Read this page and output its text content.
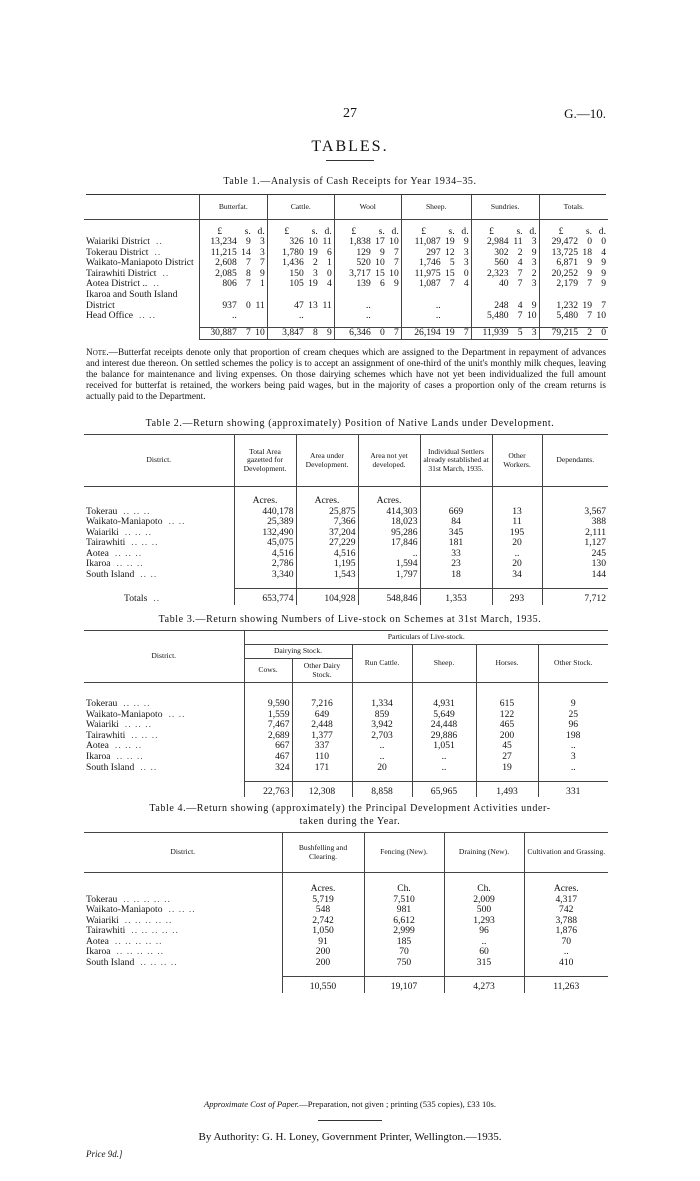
27	G.—10.
TABLES.
Table 1.—Analysis of Cash Receipts for Year 1934–35.
	Butterfat.	Cattle.	Wool	Sheep.	Sundries.	Totals.

	£ s. d.	£ s. d.	£ s. d.	£ s. d.	£ s. d.	£ s. d.

Waiariki District ..	13,234 9 3	326 10 11	1,838 17 10	11,087 19 9	2,984 11 3	29,472 0 0

Tokerau District ..	11,215 14 3	1,780 19 6	129 9 7	297 12 3	302 2 9	13,725 18 4

Waikato-Maniapoto District	2,608 7 7	1,436 2 1	520 10 7	1,746 5 3	560 4 3	6,871 9 9

Tairawhiti District ..	2,085 8 9	150 3 0	3,717 15 10	11,975 15 0	2,323 7 2	20,252 9 9

Aotea District .. ..	806 7 1	105 19 4	139 6 9	1,087 7 4	40 7 3	2,179 7 9

Ikaroa and South Island District	937 0 11	47 13 11	..	..	248 4 9	1,232 19 7

Head Office .. ..	..	..	..	..	5,480 7 10	5,480 7 10

	30,887 7 10	3,847 8 9	6,346 0 7	26,194 19 7	11,939 5 3	79,215 2 0
Note.—Butterfat receipts denote only that proportion of cream cheques which are assigned to the Department in repayment of advances and interest due thereon. On settled schemes the policy is to accept an assignment of one-third of the unit's monthly milk cheques, leaving the balance for maintenance and living expenses. On those dairying schemes which have not yet been individualized the full amount received for butterfat is retained, the workers being paid wages, but in the majority of cases a proportion only of the cream returns is actually paid to the Department.
Table 2.—Return showing (approximately) Position of Native Lands under Development.
District.	Total Area gazetted for Development.	Area under Development.	Area not yet developed.	Individual Settlers already established at 31st March, 1935.	Other Workers.	Dependants.
	Acres.	Acres.	Acres.			
Tokerau .. .. ..	440,178	25,875	414,303	669	13	3,567
Waikato-Maniapoto .. ..	25,389	7,366	18,023	84	11	388
Waiariki .. .. ..	132,490	37,204	95,286	345	195	2,111
Tairawhiti .. .. ..	45,075	27,229	17,846	181	20	1,127
Aotea .. .. ..	4,516	4,516	..	33	..	245
Ikaroa .. .. ..	2,786	1,195	1,594	23	20	130
South Island .. ..	3,340	1,543	1,797	18	34	144

Totals ..	653,774	104,928	548,846	1,353	293	7,712
Table 3.—Return showing Numbers of Live-stock on Schemes at 31st March, 1935.
District.	Particulars of Live-stock.					
	Dairying Stock.		Run Cattle.	Sheep.	Horses.	Other Stock.
	Cows.	Other Dairy Stock.				

Tokerau .. .. ..	9,590	7,216	1,334	4,931	615	9
Waikato-Maniapoto .. ..	1,559	649	859	5,649	122	25
Waiariki .. .. ..	7,467	2,448	3,942	24,448	465	96
Tairawhiti .. .. ..	2,689	1,377	2,703	29,886	200	198
Aotea .. .. ..	667	337	..	1,051	45	..
Ikaroa .. .. ..	467	110	..	..	27	3
South Island .. ..	324	171	20	..	19	..

	22,763	12,308	8,858	65,965	1,493	331
Table 4.—Return showing (approximately) the Principal Development Activities under-
taken during the Year.
District.	Bushfelling and Clearing.	Fencing (New).	Draining (New).	Cultivation and Grassing.
	Acres.	Ch.	Ch.	Acres.
Tokerau .. .. .. .. ..	5,719	7,510	2,009	4,317
Waikato-Maniapoto .. .. ..	548	981	500	742
Waiariki .. .. .. .. ..	2,742	6,612	1,293	3,788
Tairawhiti .. .. .. .. ..	1,050	2,999	96	1,876
Aotea .. .. .. .. ..	91	185	..	70
Ikaroa .. .. .. .. ..	200	70	60	..
South Island .. .. .. ..	200	750	315	410

	10,550	19,107	4,273	11,263
Approximate Cost of Paper.—Preparation, not given ; printing (535 copies), £33 10s.
By Authority: G. H. Loney, Government Printer, Wellington.—1935.
Price 9d.]
